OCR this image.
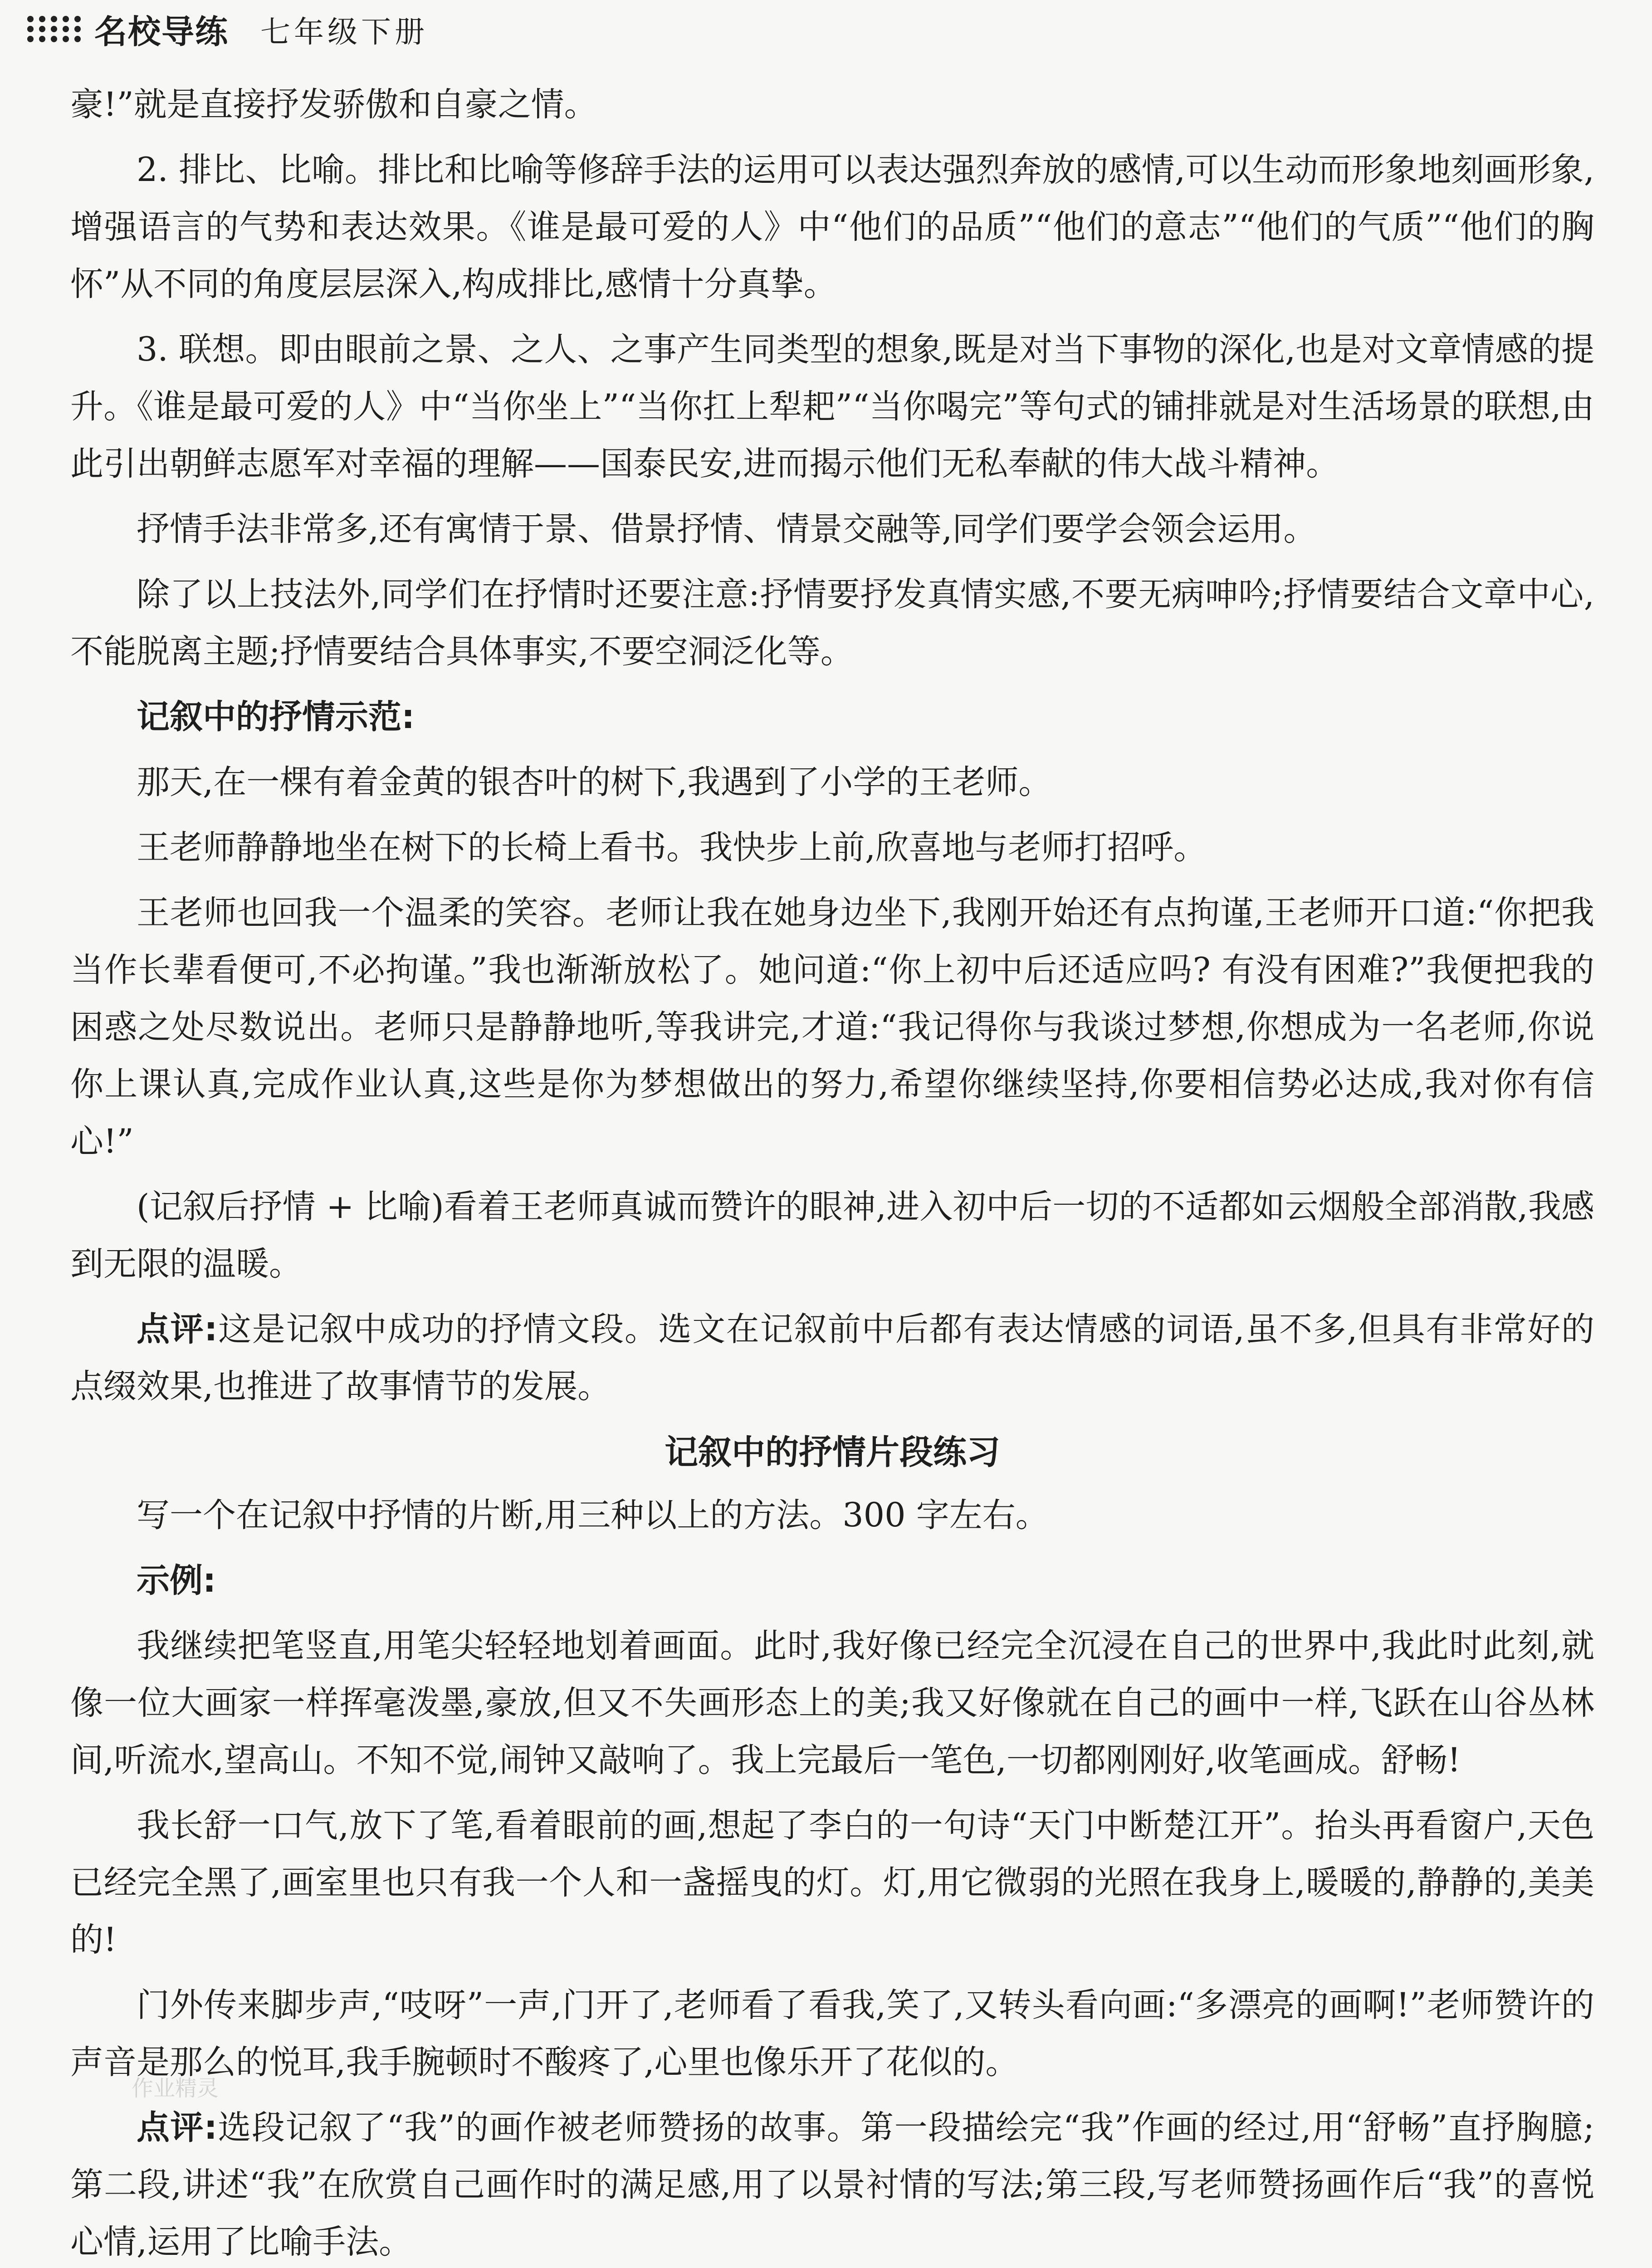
名校导练 七年级下册

豪!”就是直接抒发骄傲和自豪之情。

2. 排比、比喻。排比和比喻等修辞手法的运用可以表达强烈奔放的感情,可以生动而形象地刻画形象,增强语言的气势和表达效果。《谁是最可爱的人》中“他们的品质”“他们的意志”“他们的气质”“他们的胸怀”从不同的角度层层深入,构成排比,感情十分真挚。

3. 联想。即由眼前之景、之人、之事产生同类型的想象,既是对当下事物的深化,也是对文章情感的提升。《谁是最可爱的人》中“当你坐上”“当你扛上犁耙”“当你喝完”等句式的铺排就是对生活场景的联想,由此引出朝鲜志愿军对幸福的理解——国泰民安,进而揭示他们无私奉献的伟大战斗精神。

抒情手法非常多,还有寓情于景、借景抒情、情景交融等,同学们要学会领会运用。

除了以上技法外,同学们在抒情时还要注意:抒情要抒发真情实感,不要无病呻吟;抒情要结合文章中心,不能脱离主题;抒情要结合具体事实,不要空洞泛化等。

记叙中的抒情示范:

那天,在一棵有着金黄的银杏叶的树下,我遇到了小学的王老师。

王老师静静地坐在树下的长椅上看书。我快步上前,欣喜地与老师打招呼。

王老师也回我一个温柔的笑容。老师让我在她身边坐下,我刚开始还有点拘谨,王老师开口道:“你把我当作长辈看便可,不必拘谨。”我也渐渐放松了。她问道:“你上初中后还适应吗? 有没有困难?”我便把我的困惑之处尽数说出。老师只是静静地听,等我讲完,才道:“我记得你与我谈过梦想,你想成为一名老师,你说你上课认真,完成作业认真,这些是你为梦想做出的努力,希望你继续坚持,你要相信势必达成,我对你有信心!”

(记叙后抒情 + 比喻)看着王老师真诚而赞许的眼神,进入初中后一切的不适都如云烟般全部消散,我感到无限的温暖。

点评:这是记叙中成功的抒情文段。选文在记叙前中后都有表达情感的词语,虽不多,但具有非常好的点缀效果,也推进了故事情节的发展。

记叙中的抒情片段练习

写一个在记叙中抒情的片断,用三种以上的方法。300 字左右。

示例:

我继续把笔竖直,用笔尖轻轻地划着画面。此时,我好像已经完全沉浸在自己的世界中,我此时此刻,就像一位大画家一样挥毫泼墨,豪放,但又不失画形态上的美;我又好像就在自己的画中一样,飞跃在山谷丛林间,听流水,望高山。不知不觉,闹钟又敲响了。我上完最后一笔色,一切都刚刚好,收笔画成。舒畅!

我长舒一口气,放下了笔,看着眼前的画,想起了李白的一句诗“天门中断楚江开”。抬头再看窗户,天色已经完全黑了,画室里也只有我一个人和一盏摇曳的灯。灯,用它微弱的光照在我身上,暖暖的,静静的,美美的!

门外传来脚步声,“吱呀”一声,门开了,老师看了看我,笑了,又转头看向画:“多漂亮的画啊!”老师赞许的声音是那么的悦耳,我手腕顿时不酸疼了,心里也像乐开了花似的。

点评:选段记叙了“我”的画作被老师赞扬的故事。第一段描绘完“我”作画的经过,用“舒畅”直抒胸臆;第二段,讲述“我”在欣赏自己画作时的满足感,用了以景衬情的写法;第三段,写老师赞扬画作后“我”的喜悦心情,运用了比喻手法。

作业精灵
